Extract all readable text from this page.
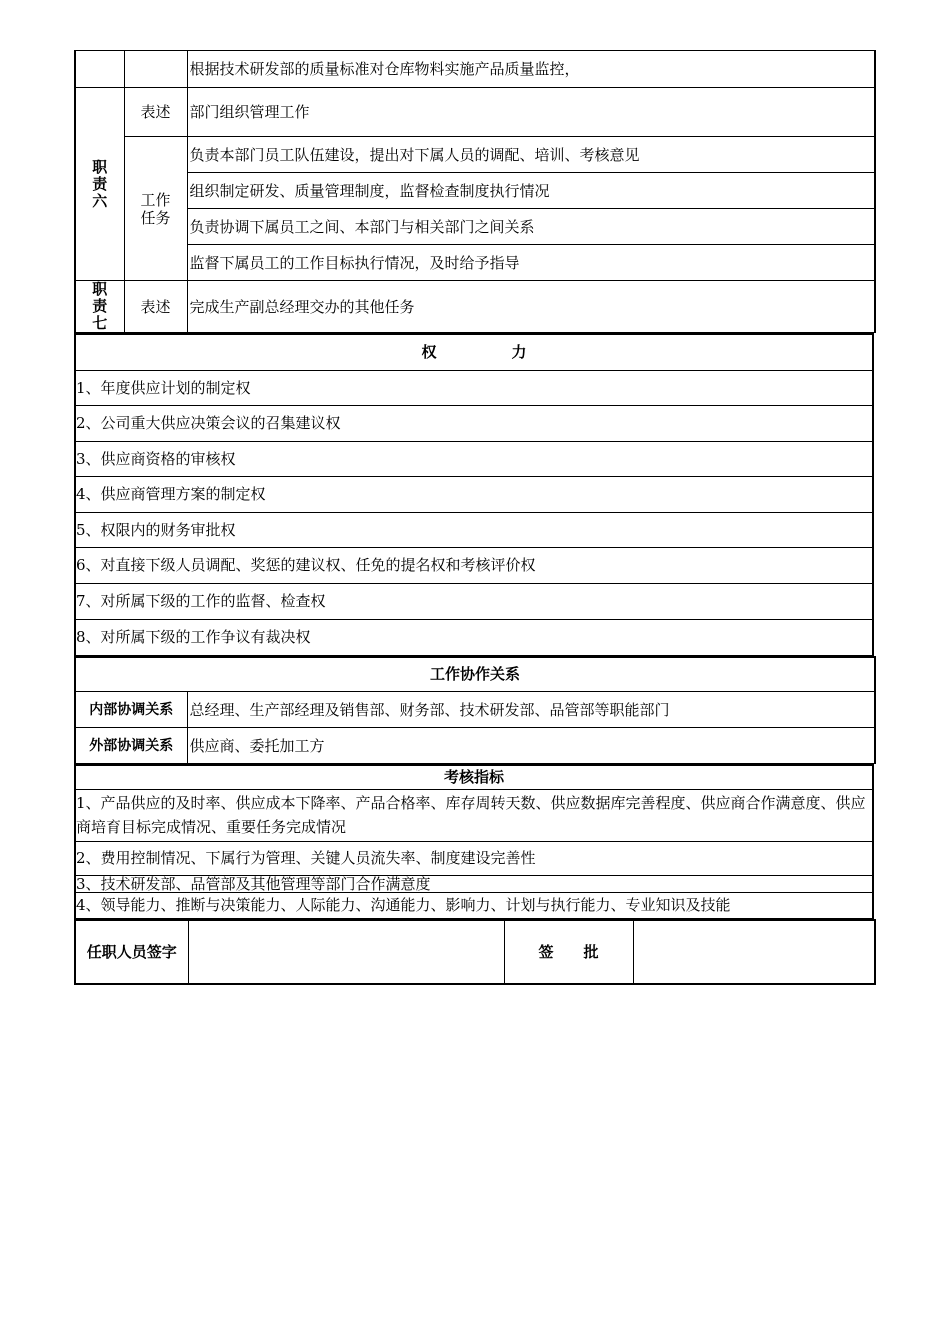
		根据技术研发部的质量标准对仓库物料实施产品质量监控，
职
责
六	表述	部门组织管理工作
	工作
任务	负责本部门员工队伍建设，提出对下属人员的调配、培训、考核意见
		组织制定研发、质量管理制度，监督检查制度执行情况
		负责协调下属员工之间、本部门与相关部门之间关系
		监督下属员工的工作目标执行情况，及时给予指导
职
责
七	表述	完成生产副总经理交办的其他任务
权　　　　　力
1、年度供应计划的制定权
2、公司重大供应决策会议的召集建议权
3、供应商资格的审核权
4、供应商管理方案的制定权
5、权限内的财务审批权
6、对直接下级人员调配、奖惩的建议权、任免的提名权和考核评价权
7、对所属下级的工作的监督、检查权
8、对所属下级的工作争议有裁决权
工作协作关系	
内部协调关系	总经理、生产部经理及销售部、财务部、技术研发部、品管部等职能部门
外部协调关系	供应商、委托加工方
考核指标
1、产品供应的及时率、供应成本下降率、产品合格率、库存周转天数、供应数据库完善程度、供应商合作满意度、供应商培育目标完成情况、重要任务完成情况
2、费用控制情况、下属行为管理、关键人员流失率、制度建设完善性
3、技术研发部、品管部及其他管理等部门合作满意度
4、领导能力、推断与决策能力、人际能力、沟通能力、影响力、计划与执行能力、专业知识及技能
任职人员签字		签　　批	
